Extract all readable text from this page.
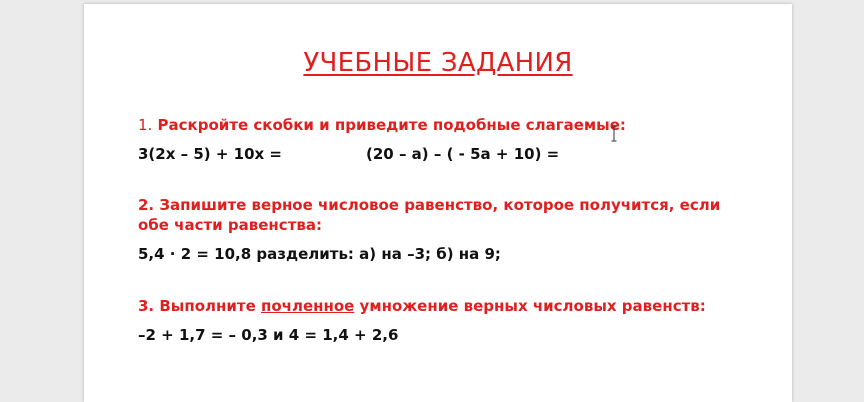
УЧЕБНЫЕ ЗАДАНИЯ
1. Раскройте скобки и приведите подобные слагаемые:
3(2x – 5) + 10x =	(20 – a) – ( - 5a + 10) =
2. Запишите верное числовое равенство, которое получится, если
обе части равенства:
5,4 · 2 = 10,8 разделить: а) на –3; б) на 9;
3. Выполните почленное умножение верных числовых равенств:
–2 + 1,7 = – 0,3 и 4 = 1,4 + 2,6
